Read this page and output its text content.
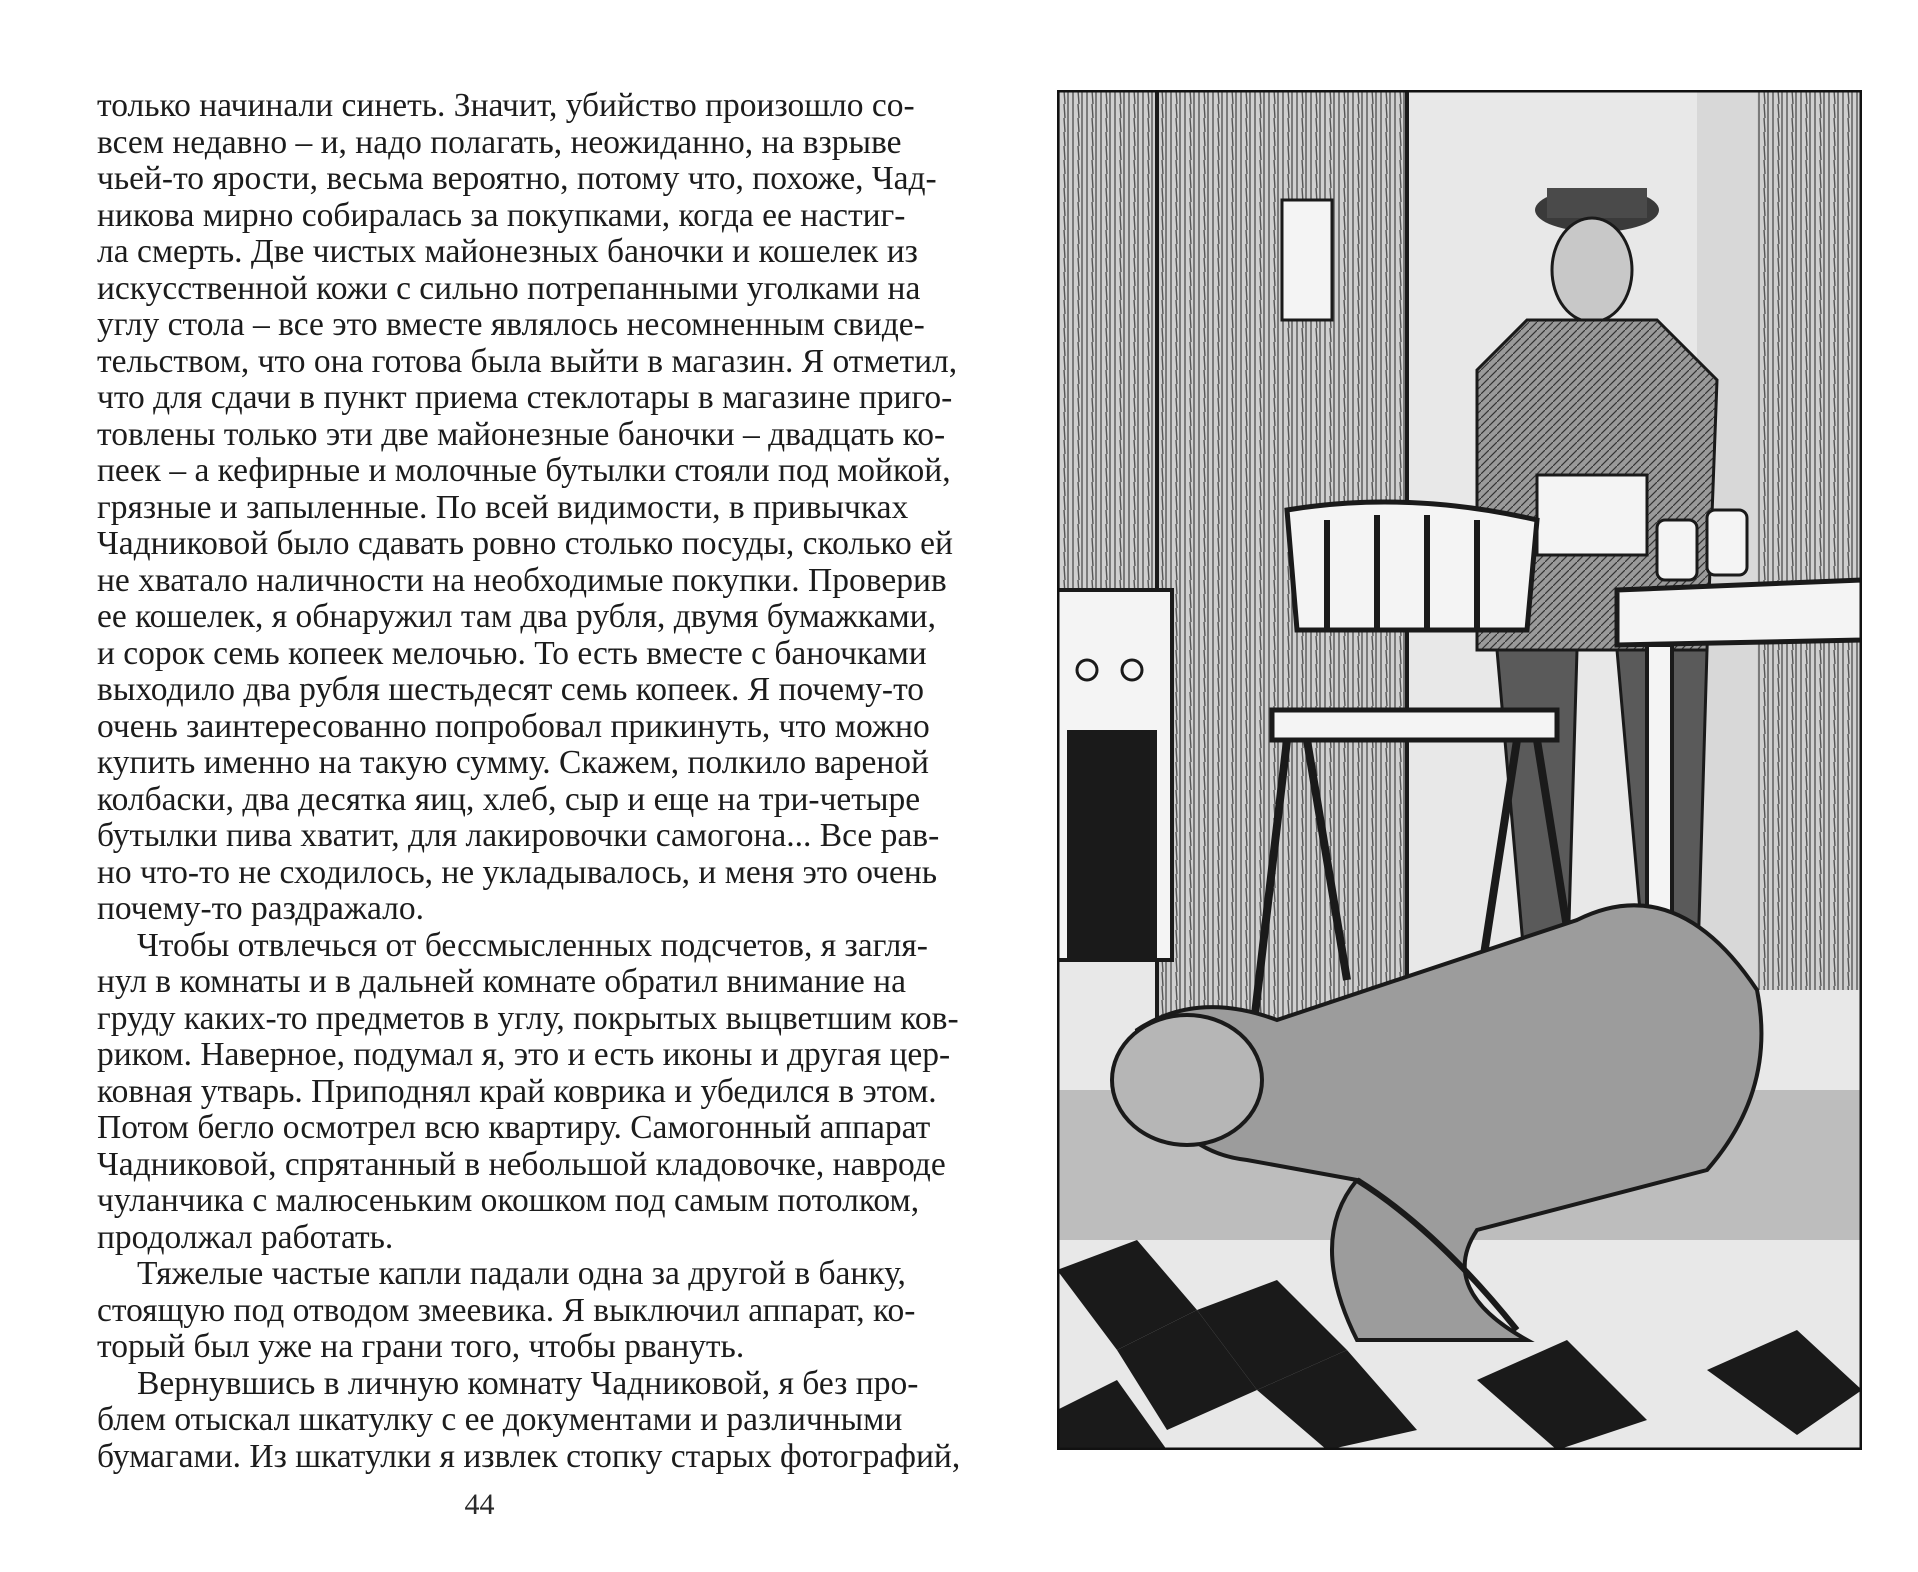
только начинали синеть. Значит, убийство произошло со-
всем недавно – и, надо полагать, неожиданно, на взрыве
чьей-то ярости, весьма вероятно, потому что, похоже, Чад-
никова мирно собиралась за покупками, когда ее настиг-
ла смерть. Две чистых майонезных баночки и кошелек из
искусственной кожи с сильно потрепанными уголками на
углу стола – все это вместе являлось несомненным свиде-
тельством, что она готова была выйти в магазин. Я отметил,
что для сдачи в пункт приема стеклотары в магазине приго-
товлены только эти две майонезные баночки – двадцать ко-
пеек – а кефирные и молочные бутылки стояли под мойкой,
грязные и запыленные. По всей видимости, в привычках
Чадниковой было сдавать ровно столько посуды, сколько ей
не хватало наличности на необходимые покупки. Проверив
ее кошелек, я обнаружил там два рубля, двумя бумажками,
и сорок семь копеек мелочью. То есть вместе с баночками
выходило два рубля шестьдесят семь копеек. Я почему-то
очень заинтересованно попробовал прикинуть, что можно
купить именно на такую сумму. Скажем, полкило вареной
колбаски, два десятка яиц, хлеб, сыр и еще на три-четыре
бутылки пива хватит, для лакировочки самогона... Все рав-
но что-то не сходилось, не укладывалось, и меня это очень
почему-то раздражало.
Чтобы отвлечься от бессмысленных подсчетов, я загля-
нул в комнаты и в дальней комнате обратил внимание на
груду каких-то предметов в углу, покрытых выцветшим ков-
риком. Наверное, подумал я, это и есть иконы и другая цер-
ковная утварь. Приподнял край коврика и убедился в этом.
Потом бегло осмотрел всю квартиру. Самогонный аппарат
Чадниковой, спрятанный в небольшой кладовочке, навроде
чуланчика с малюсеньким окошком под самым потолком,
продолжал работать.
Тяжелые частые капли падали одна за другой в банку,
стоящую под отводом змеевика. Я выключил аппарат, ко-
торый был уже на грани того, чтобы рвануть.
Вернувшись в личную комнату Чадниковой, я без про-
блем отыскал шкатулку с ее документами и различными
бумагами. Из шкатулки я извлек стопку старых фотографий,
44
